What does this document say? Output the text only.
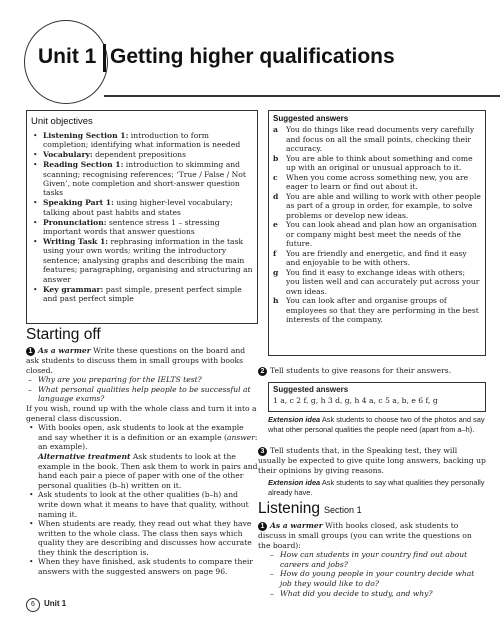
Unit 1 Getting higher qualifications
Unit objectives
• Listening Section 1: introduction to form completion; identifying what information is needed
• Vocabulary: dependent prepositions
• Reading Section 1: introduction to skimming and scanning; recognising references; ‘True / False / Not Given’, note completion and short-answer question tasks
• Speaking Part 1: using higher-level vocabulary; talking about past habits and states
• Pronunciation: sentence stress 1 – stressing important words that answer questions
• Writing Task 1: rephrasing information in the task using your own words; writing the introductory sentence; analysing graphs and describing the main features; paragraphing, organising and structuring an answer
• Key grammar: past simple, present perfect simple and past perfect simple
Suggested answers
a You do things like read documents very carefully and focus on all the small points, checking their accuracy.
b You are able to think about something and come up with an original or unusual approach to it.
c When you come across something new, you are eager to learn or find out about it.
d You are able and willing to work with other people as part of a group in order, for example, to solve problems or develop new ideas.
e You can look ahead and plan how an organisation or company might best meet the needs of the future.
f You are friendly and energetic, and find it easy and enjoyable to be with others.
g You find it easy to exchange ideas with others; you listen well and can accurately put across your own ideas.
h You can look after and organise groups of employees so that they are performing in the best interests of the company.
Starting off
1 As a warmer Write these questions on the board and ask students to discuss them in small groups with books closed.
– Why are you preparing for the IELTS test?
– What personal qualities help people to be successful at language exams?
If you wish, round up with the whole class and turn it into a general class discussion.
• With books open, ask students to look at the example and say whether it is a definition or an example (answer: an example).
Alternative treatment Ask students to look at the example in the book. Then ask them to work in pairs and hand each pair a piece of paper with one of the other personal qualities (b–h) written on it.
• Ask students to look at the other qualities (b–h) and write down what it means to have that quality, without naming it.
• When students are ready, they read out what they have written to the whole class. The class then says which quality they are describing and discusses how accurate they think the description is.
• When they have finished, ask students to compare their answers with the suggested answers on page 96.
2 Tell students to give reasons for their answers.
Suggested answers
1 a, c 2 f, g, h 3 d, g, h 4 a, c 5 a, b, e 6 f, g
Extension idea Ask students to choose two of the photos and say what other personal qualities the people need (apart from a–h).
3 Tell students that, in the Speaking test, they will usually be expected to give quite long answers, backing up their opinions by giving reasons.
Extension idea Ask students to say what qualities they personally already have.
Listening Section 1
1 As a warmer With books closed, ask students to discuss in small groups (you can write the questions on the board):
– How can students in your country find out about careers and jobs?
– How do young people in your country decide what job they would like to do?
– What did you decide to study, and why?
6	Unit 1
